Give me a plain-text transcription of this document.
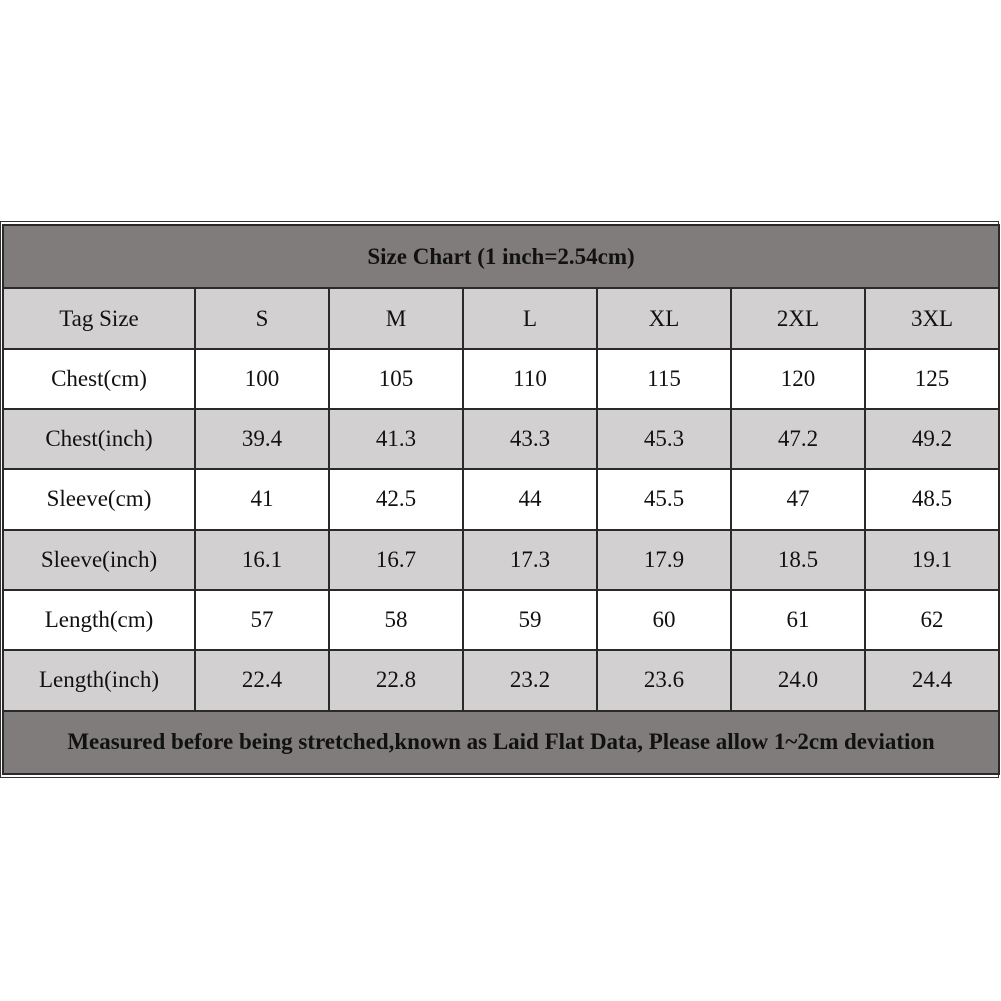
Size Chart (1 inch=2.54cm)						
Tag Size	S	M	L	XL	2XL	3XL
Chest(cm)	100	105	110	115	120	125
Chest(inch)	39.4	41.3	43.3	45.3	47.2	49.2
Sleeve(cm)	41	42.5	44	45.5	47	48.5
Sleeve(inch)	16.1	16.7	17.3	17.9	18.5	19.1
Length(cm)	57	58	59	60	61	62
Length(inch)	22.4	22.8	23.2	23.6	24.0	24.4
Measured before being stretched,known as Laid Flat Data, Please allow 1~2cm deviation						
